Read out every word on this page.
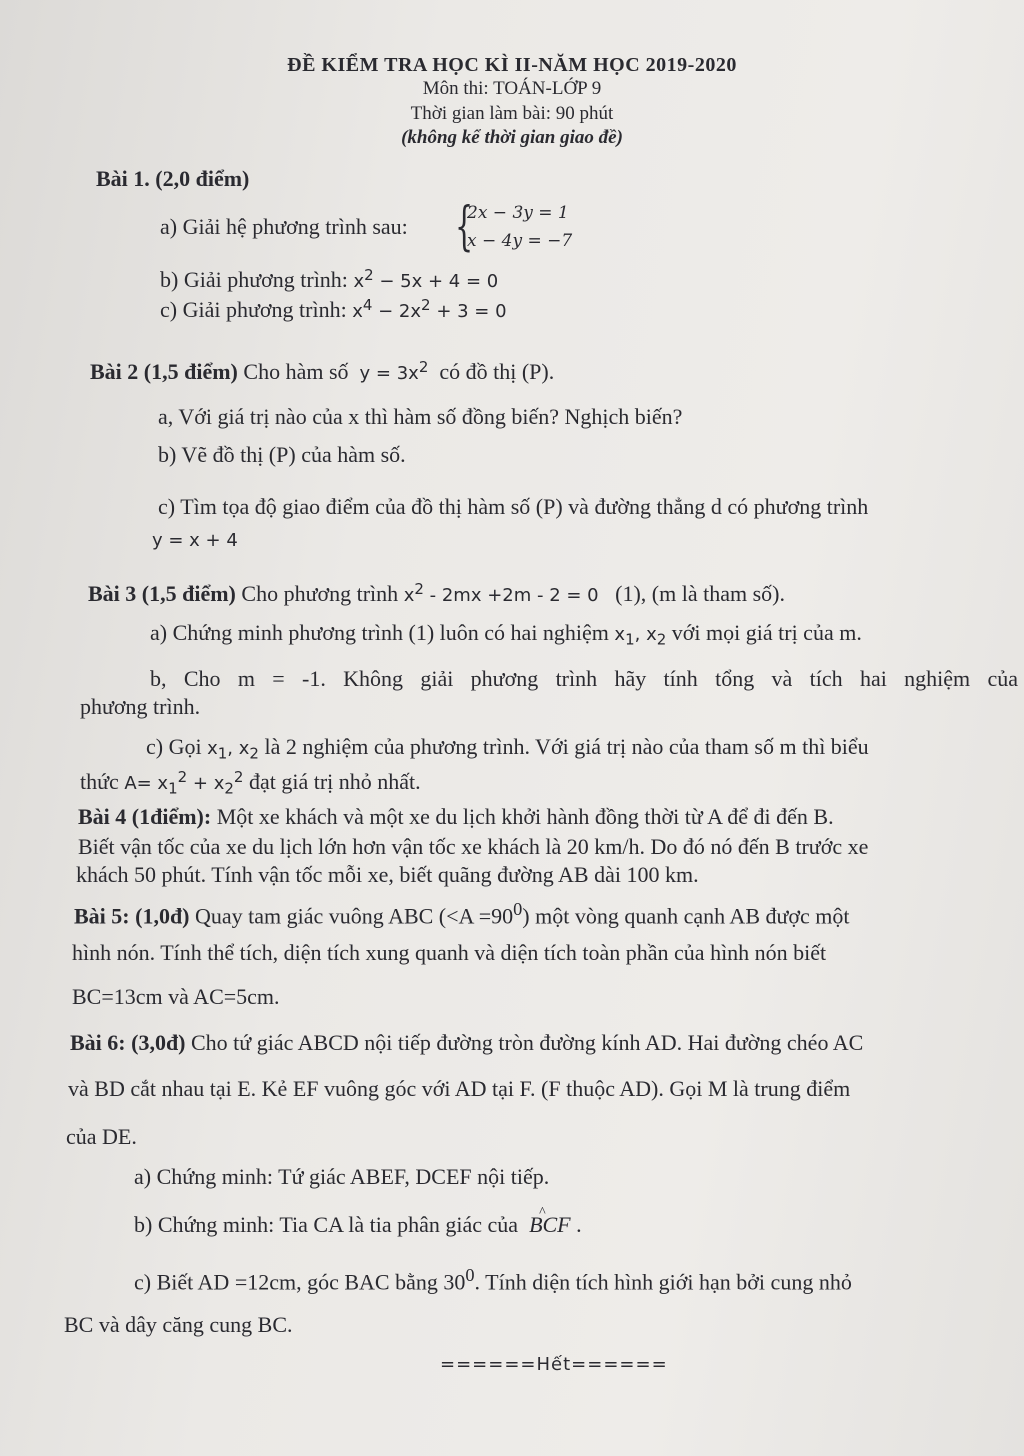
ĐỀ KIỂM TRA HỌC KÌ II-NĂM HỌC 2019-2020
Môn thi: TOÁN-LỚP 9
Thời gian làm bài: 90 phút
(không kể thời gian giao đề)
Bài 1. (2,0 điểm)
a) Giải hệ phương trình sau: {
2x − 3y = 1
x − 4y = −7
b) Giải phương trình: $x^2 - 5x + 4 = 0$
c) Giải phương trình: $x^4 - 2x^2 + 3 = 0$
Bài 2 (1,5 điểm) Cho hàm số $y = 3x^2$ có đồ thị (P).
a, Với giá trị nào của x thì hàm số đồng biến? Nghịch biến?
b) Vẽ đồ thị (P) của hàm số.
c) Tìm tọa độ giao điểm của đồ thị hàm số (P) và đường thẳng d có phương trình
y = x + 4
Bài 3 (1,5 điểm) Cho phương trình $x^2 - 2mx +2m - 2 = 0$ (1), (m là tham số).
a) Chứng minh phương trình (1) luôn có hai nghiệm $x_1$, $x_2$ với mọi giá trị của m.
b, Cho m = -1. Không giải phương trình hãy tính tổng và tích hai nghiệm của
phương trình.
c) Gọi $x_1$, $x_2$ là 2 nghiệm của phương trình. Với giá trị nào của tham số m thì biểu
thức $A= x_1^2 + x_2^2$ đạt giá trị nhỏ nhất.
Bài 4 (1điểm): Một xe khách và một xe du lịch khởi hành đồng thời từ A để đi đến B.
Biết vận tốc của xe du lịch lớn hơn vận tốc xe khách là 20 km/h. Do đó nó đến B trước xe
khách 50 phút. Tính vận tốc mỗi xe, biết quãng đường AB dài 100 km.
Bài 5: (1,0đ) Quay tam giác vuông ABC $(<A =90^0)$ một vòng quanh cạnh AB được một
hình nón. Tính thể tích, diện tích xung quanh và diện tích toàn phần của hình nón biết
BC=13cm và AC=5cm.
Bài 6: (3,0đ) Cho tứ giác ABCD nội tiếp đường tròn đường kính AD. Hai đường chéo AC
và BD cắt nhau tại E. Kẻ EF vuông góc với AD tại F. (F thuộc AD). Gọi M là trung điểm
của DE.
a) Chứng minh: Tứ giác ABEF, DCEF nội tiếp.
b) Chứng minh: Tia CA là tia phân giác của BCF ^ .
c) Biết AD =12cm, góc BAC bằng $30^0$. Tính diện tích hình giới hạn bởi cung nhỏ
BC và dây căng cung BC.
======Hết======
